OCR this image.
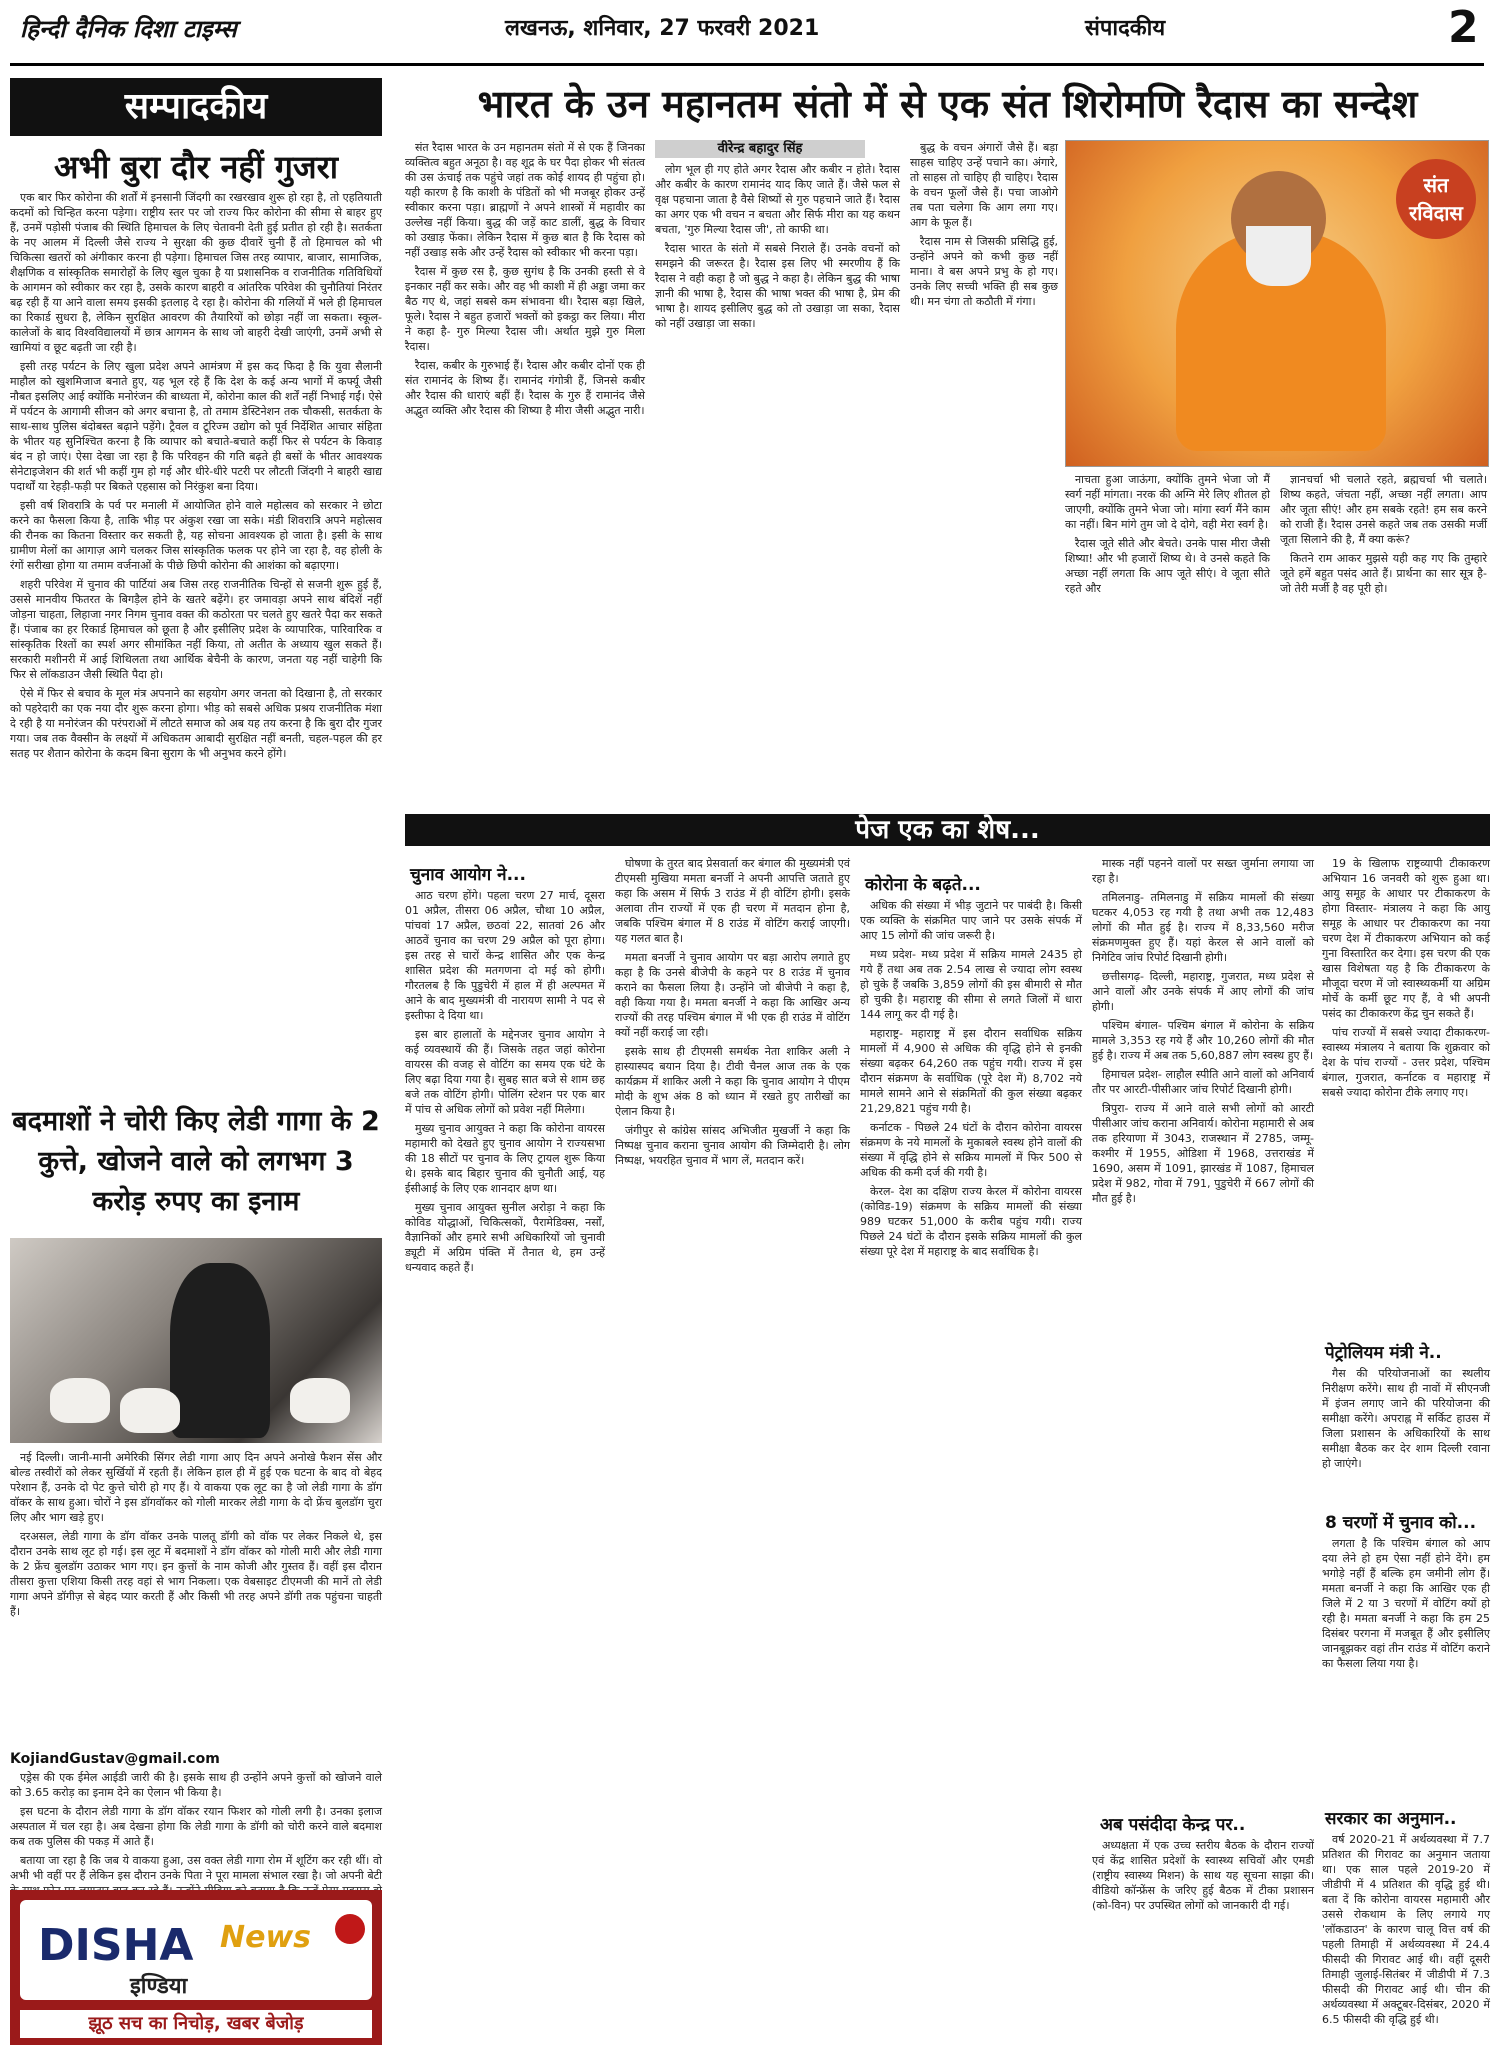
हिन्दी दैनिक दिशा टाइम्स	लखनऊ, शनिवार, 27 फरवरी 2021	संपादकीय	2
सम्पादकीय
अभी बुरा दौर नहीं गुजरा

एक बार फिर कोरोना की शर्तों में इनसानी जिंदगी का रखरखाव शुरू हो रहा है, तो एहतियाती कदमों को चिन्हित करना पड़ेगा। राष्ट्रीय स्तर पर जो राज्य फिर कोरोना की सीमा से बाहर हुए हैं, उनमें पड़ोसी पंजाब की स्थिति हिमाचल के लिए चेतावनी देती हुई प्रतीत हो रही है। सतर्कता के नए आलम में दिल्ली जैसे राज्य ने सुरक्षा की कुछ दीवारें चुनी हैं तो हिमाचल को भी चिकित्सा खतरों को अंगीकार करना ही पड़ेगा। हिमाचल जिस तरह व्यापार, बाजार, सामाजिक, शैक्षणिक व सांस्कृतिक समारोहों के लिए खुल चुका है या प्रशासनिक व राजनीतिक गतिविधियों के आगमन को स्वीकार कर रहा है, उसके कारण बाहरी व आंतरिक परिवेश की चुनौतियां निरंतर बढ़ रही हैं या आने वाला समय इसकी इतलाह दे रहा है। कोरोना की गलियों में भले ही हिमाचल का रिकार्ड सुधरा है, लेकिन सुरक्षित आवरण की तैयारियों को छोड़ा नहीं जा सकता। स्कूल-कालेजों के बाद विश्वविद्यालयों में छात्र आगमन के साथ जो बाहरी देखी जाएंगी, उनमें अभी से खामियां व छूट बढ़ती जा रही है।

इसी तरह पर्यटन के लिए खुला प्रदेश अपने आमंत्रण में इस कद फिदा है कि युवा सैलानी माहौल को खुशमिजाज बनाते हुए, यह भूल रहे हैं कि देश के कई अन्य भागों में कर्फ्यू जैसी नौबत इसलिए आई क्योंकि मनोरंजन की बाध्यता में, कोरोना काल की शर्तें नहीं निभाई गईं। ऐसे में पर्यटन के आगामी सीजन को अगर बचाना है, तो तमाम डेस्टिनेशन तक चौकसी, सतर्कता के साथ-साथ पुलिस बंदोबस्त बढ़ाने पड़ेंगे। ट्रैवल व टूरिज्म उद्योग को पूर्व निर्देशित आचार संहिता के भीतर यह सुनिश्चित करना है कि व्यापार को बचाते-बचाते कहीं फिर से पर्यटन के किवाड़ बंद न हो जाएं। ऐसा देखा जा रहा है कि परिवहन की गति बढ़ते ही बसों के भीतर आवश्यक सेनेटाइजेशन की शर्त भी कहीं गुम हो गई और धीरे-धीरे पटरी पर लौटती जिंदगी ने बाहरी खाद्य पदार्थों या रेहड़ी-फड़ी पर बिकते एहसास को निरंकुश बना दिया।

इसी वर्ष शिवरात्रि के पर्व पर मनाली में आयोजित होने वाले महोत्सव को सरकार ने छोटा करने का फैसला किया है, ताकि भीड़ पर अंकुश रखा जा सके। मंडी शिवरात्रि अपने महोत्सव की रौनक का कितना विस्तार कर सकती है, यह सोचना आवश्यक हो जाता है। इसी के साथ ग्रामीण मेलों का आगाज़ आगे चलकर जिस सांस्कृतिक फलक पर होने जा रहा है, वह होली के रंगों सरीखा होगा या तमाम वर्जनाओं के पीछे छिपी कोरोना की आशंका को बढ़ाएगा।

शहरी परिवेश में चुनाव की पार्टियां अब जिस तरह राजनीतिक चिन्हों से सजनी शुरू हुई हैं, उससे मानवीय फितरत के बिगड़ैल होने के खतरे बढ़ेंगे। हर जमावड़ा अपने साथ बंदिशें नहीं जोड़ना चाहता, लिहाजा नगर निगम चुनाव वक्त की कठोरता पर चलते हुए खतरे पैदा कर सकते हैं। पंजाब का हर रिकार्ड हिमाचल को छूता है और इसीलिए प्रदेश के व्यापारिक, पारिवारिक व सांस्कृतिक रिश्तों का स्पर्श अगर सीमांकित नहीं किया, तो अतीत के अध्याय खुल सकते हैं। सरकारी मशीनरी में आई शिथिलता तथा आर्थिक बेचैनी के कारण, जनता यह नहीं चाहेगी कि फिर से लॉकडाउन जैसी स्थिति पैदा हो।

ऐसे में फिर से बचाव के मूल मंत्र अपनाने का सहयोग अगर जनता को दिखाना है, तो सरकार को पहरेदारी का एक नया दौर शुरू करना होगा। भीड़ को सबसे अधिक प्रश्रय राजनीतिक मंशा दे रही है या मनोरंजन की परंपराओं में लौटते समाज को अब यह तय करना है कि बुरा दौर गुजर गया। जब तक वैक्सीन के लक्ष्यों में अधिकतम आबादी सुरक्षित नहीं बनती, चहल-पहल की हर सतह पर शैतान कोरोना के कदम बिना सुराग के भी अनुभव करने होंगे।

बदमाशों ने चोरी किए लेडी गागा के 2 कुत्ते, खोजने वाले को लगभग 3 करोड़ रुपए का इनाम

नई दिल्ली। जानी-मानी अमेरिकी सिंगर लेडी गागा आए दिन अपने अनोखे फैशन सेंस और बोल्ड तस्वीरों को लेकर सुर्खियों में रहती हैं। लेकिन हाल ही में हुई एक घटना के बाद वो बेहद परेशान हैं, उनके दो पेट कुत्ते चोरी हो गए हैं। ये वाकया एक लूट का है जो लेडी गागा के डॉग वॉकर के साथ हुआ। चोरों ने इस डॉगवॉकर को गोली मारकर लेडी गागा के दो फ्रेंच बुलडॉग चुरा लिए और भाग खड़े हुए।

दरअसल, लेडी गागा के डॉग वॉकर उनके पालतू डॉगी को वॉक पर लेकर निकले थे, इस दौरान उनके साथ लूट हो गई। इस लूट में बदमाशों ने डॉग वॉकर को गोली मारी और लेडी गागा के 2 फ्रेंच बुलडॉग उठाकर भाग गए। इन कुत्तों के नाम कोजी और गुस्तव हैं। वहीं इस दौरान तीसरा कुत्ता एशिया किसी तरह वहां से भाग निकला। एक वेबसाइट टीएमजी की मानें तो लेडी गागा अपने डॉगीज़ से बेहद प्यार करती हैं और किसी भी तरह अपने डॉगी तक पहुंचना चाहती हैं।

KojiandGustav@gmail.com

एड्रेस की एक ईमेल आईडी जारी की है। इसके साथ ही उन्होंने अपने कुत्तों को खोजने वाले को 3.65 करोड़ का इनाम देने का ऐलान भी किया है।

इस घटना के दौरान लेडी गागा के डॉग वॉकर रयान फिशर को गोली लगी है। उनका इलाज अस्पताल में चल रहा है। अब देखना होगा कि लेडी गागा के डॉगी को चोरी करने वाले बदमाश कब तक पुलिस की पकड़ में आते हैं।

बताया जा रहा है कि जब ये वाकया हुआ, उस वक्त लेडी गागा रोम में शूटिंग कर रही थीं। वो अभी भी वहीं पर हैं लेकिन इस दौरान उनके पिता ने पूरा मामला संभाल रखा है। जो अपनी बेटी

DISHA News
इण्डिया
झूठ सच का निचोड़, खबर बेजोड़
भारत के उन महानतम संतो में से एक संत शिरोमणि रैदास का सन्देश
वीरेन्द्र बहादुर सिंह

संत रैदास भारत के उन महानतम संतो में से एक हैं जिनका व्यक्तित्व बहुत अनूठा है। वह शूद्र के घर पैदा होकर भी संतत्व की उस ऊंचाई तक पहुंचे जहां तक कोई शायद ही पहुंचा हो। यही कारण है कि काशी के पंडितों को भी मजबूर होकर उन्हें स्वीकार करना पड़ा। ब्राह्मणों ने अपने शास्त्रों में महावीर का उल्लेख नहीं किया। बुद्ध की जड़ें काट डालीं, बुद्ध के विचार को उखाड़ फेंका। लेकिन रैदास में कुछ बात है कि रैदास को नहीं उखाड़ सके और उन्हें रैदास को स्वीकार भी करना पड़ा।

रैदास में कुछ रस है, कुछ सुगंध है कि उनकी हस्ती से वे इनकार नहीं कर सके। और वह भी काशी में ही अड्डा जमा कर बैठ गए थे, जहां सबसे कम संभावना थी। रैदास बड़ा खिले, फूले। रैदास ने बहुत हजारों भक्तों को इकट्ठा कर लिया। मीरा ने कहा है- गुरु मिल्या रैदास जी। अर्थात मुझे गुरु मिला रैदास।

रैदास, कबीर के गुरुभाई हैं। रैदास और कबीर दोनों एक ही संत रामानंद के शिष्य हैं। रामानंद गंगोत्री हैं, जिनसे कबीर और रैदास की धाराएं बहीं हैं। रैदास के गुरु हैं रामानंद जैसे अद्भुत व्यक्ति और रैदास की शिष्या है मीरा जैसी अद्भुत नारी।

लोग भूल ही गए होते अगर रैदास और कबीर न होते। रैदास और कबीर के कारण रामानंद याद किए जाते हैं। जैसे फल से वृक्ष पहचाना जाता है वैसे शिष्यों से गुरु पहचाने जाते हैं। रैदास का अगर एक भी वचन न बचता और सिर्फ मीरा का यह कथन बचता, 'गुरु मिल्या रैदास जी', तो काफी था।

रैदास भारत के संतो में सबसे निराले हैं। उनके वचनों को समझने की जरूरत है। रैदास इस लिए भी स्मरणीय हैं कि रैदास ने वही कहा है जो बुद्ध ने कहा है। लेकिन बुद्ध की भाषा ज्ञानी की भाषा है, रैदास की भाषा भक्त की भाषा है, प्रेम की भाषा है। शायद इसीलिए बुद्ध को तो उखाड़ा जा सका, रैदास को नहीं उखाड़ा जा सका।

बुद्ध के वचन अंगारों जैसे हैं। बड़ा साहस चाहिए उन्हें पचाने का। अंगारे, तो साहस तो चाहिए ही चाहिए। रैदास के वचन फूलों जैसे हैं। पचा जाओगे तब पता चलेगा कि आग लगा गए। आग के फूल हैं।

रैदास नाम से जिसकी प्रसिद्धि हुई, उन्होंने अपने को कभी कुछ नहीं माना। वे बस अपने प्रभु के हो गए। उनके लिए सच्ची भक्ति ही सब कुछ थी। मन चंगा तो कठौती में गंगा।

संत रविदास

नाचता हुआ जाऊंगा, क्योंकि तुमने भेजा जो मैं स्वर्ग नहीं मांगता। नरक की अग्नि मेरे लिए शीतल हो जाएगी, क्योंकि तुमने भेजा जो। मांगा स्वर्ग मैंने काम का नहीं। बिन मांगे तुम जो दे दोगे, वही मेरा स्वर्ग है।

रैदास जूते सीते और बेचते। उनके पास मीरा जैसी शिष्या! और भी हजारों शिष्य थे। वे उनसे कहते कि अच्छा नहीं लगता कि आप जूते सीएं। वे जूता सीते रहते और

ज्ञानचर्चा भी चलाते रहते, ब्रह्मचर्चा भी चलाते। शिष्य कहते, जंचता नहीं, अच्छा नहीं लगता। आप और जूता सीएं! और हम सबके रहते! हम सब करने को राजी हैं। रैदास उनसे कहते जब तक उसकी मर्जी जूता सिलाने की है, मैं क्या करूं?

कितने राम आकर मुझसे यही कह गए कि तुम्हारे जूते हमें बहुत पसंद आते हैं। प्रार्थना का सार सूत्र है- जो तेरी मर्जी है वह पूरी हो।

पेज एक का शेष...
चुनाव आयोग ने...

आठ चरण होंगे। पहला चरण 27 मार्च, दूसरा 01 अप्रैल, तीसरा 06 अप्रैल, चौथा 10 अप्रैल, पांचवां 17 अप्रैल, छठवां 22, सातवां 26 और आठवें चुनाव का चरण 29 अप्रैल को पूरा होगा। इस तरह से चारों केन्द्र शासित और एक केन्द्र शासित प्रदेश की मतगणना दो मई को होगी। गौरतलब है कि पुडुचेरी में हाल में ही अल्पमत में आने के बाद मुख्यमंत्री वी नारायण सामी ने पद से इस्तीफा दे दिया था।

इस बार हालातों के मद्देनजर चुनाव आयोग ने कई व्यवस्थायें की हैं। जिसके तहत जहां कोरोना वायरस की वजह से वोटिंग का समय एक घंटे के लिए बढ़ा दिया गया है। सुबह सात बजे से शाम छह बजे तक वोटिंग होगी। पोलिंग स्टेशन पर एक बार में पांच से अधिक लोगों को प्रवेश नहीं मिलेगा।

मुख्य चुनाव आयुक्त ने कहा कि कोरोना वायरस महामारी को देखते हुए चुनाव आयोग ने राज्यसभा की 18 सीटों पर चुनाव के लिए ट्रायल शुरू किया थे। इसके बाद बिहार चुनाव की चुनौती आई, यह ईसीआई के लिए एक शानदार क्षण था।

मुख्य चुनाव आयुक्त सुनील अरोड़ा ने कहा कि कोविड योद्धाओं, चिकित्सकों, पैरामेडिक्स, नर्सों, वैज्ञानिकों और हमारे सभी अधिकारियों जो चुनावी ड्यूटी में अग्रिम पंक्ति में तैनात थे, हम उन्हें धन्यवाद कहते हैं।

घोषणा के तुरत बाद प्रेसवार्ता कर बंगाल की मुख्यमंत्री एवं टीएमसी मुखिया ममता बनर्जी ने अपनी आपत्ति जताते हुए कहा कि असम में सिर्फ 3 राउंड में ही वोटिंग होगी। इसके अलावा तीन राज्यों में एक ही चरण में मतदान होना है, जबकि पश्चिम बंगाल में 8 राउंड में वोटिंग कराई जाएगी। यह गलत बात है।

ममता बनर्जी ने चुनाव आयोग पर बड़ा आरोप लगाते हुए कहा है कि उनसे बीजेपी के कहने पर 8 राउंड में चुनाव कराने का फैसला लिया है। उन्होंने जो बीजेपी ने कहा है, वही किया गया है। ममता बनर्जी ने कहा कि आखिर अन्य राज्यों की तरह पश्चिम बंगाल में भी एक ही राउंड में वोटिंग क्यों नहीं कराई जा रही।

इसके साथ ही टीएमसी समर्थक नेता शाकिर अली ने हास्यास्पद बयान दिया है। टीवी चैनल आज तक के एक कार्यक्रम में शाकिर अली ने कहा कि चुनाव आयोग ने पीएम मोदी के शुभ अंक 8 को ध्यान में रखते हुए तारीखों का ऐलान किया है।

जंगीपुर से कांग्रेस सांसद अभिजीत मुखर्जी ने कहा कि निष्पक्ष चुनाव कराना चुनाव आयोग की जिम्मेदारी है। लोग निष्पक्ष, भयरहित चुनाव में भाग लें, मतदान करें।

कोरोना के बढ़ते...

अधिक की संख्या में भीड़ जुटाने पर पाबंदी है। किसी एक व्यक्ति के संक्रमित पाए जाने पर उसके संपर्क में आए 15 लोगों की जांच जरूरी है।

मध्य प्रदेश- मध्य प्रदेश में सक्रिय मामले 2435 हो गये हैं तथा अब तक 2.54 लाख से ज्यादा लोग स्वस्थ हो चुके हैं जबकि 3,859 लोगों की इस बीमारी से मौत हो चुकी है। महाराष्ट्र की सीमा से लगते जिलों में धारा 144 लागू कर दी गई है।

महाराष्ट्र- महाराष्ट्र में इस दौरान सर्वाधिक सक्रिय मामलों में 4,900 से अधिक की वृद्धि होने से इनकी संख्या बढ़कर 64,260 तक पहुंच गयी। राज्य में इस दौरान संक्रमण के सर्वाधिक (पूरे देश में) 8,702 नये मामले सामने आने से संक्रमितों की कुल संख्या बढ़कर 21,29,821 पहुंच गयी है।

कर्नाटक - पिछले 24 घंटों के दौरान कोरोना वायरस संक्रमण के नये मामलों के मुकाबले स्वस्थ होने वालों की संख्या में वृद्धि होने से सक्रिय मामलों में फिर 500 से अधिक की कमी दर्ज की गयी है।

केरल- देश का दक्षिण राज्य केरल में कोरोना वायरस (कोविड-19) संक्रमण के सक्रिय मामलों की संख्या 989 घटकर 51,000 के करीब पहुंच गयी। राज्य पिछले 24 घंटों के दौरान इसके सक्रिय मामलों की कुल संख्या पूरे देश में महाराष्ट्र के बाद सर्वाधिक है।

मास्क नहीं पहनने वालों पर सख्त जुर्माना लगाया जा रहा है।

तमिलनाडु- तमिलनाडु में सक्रिय मामलों की संख्या घटकर 4,053 रह गयी है तथा अभी तक 12,483 लोगों की मौत हुई है। राज्य में 8,33,560 मरीज संक्रमणमुक्त हुए हैं। यहां केरल से आने वालों को निगेटिव जांच रिपोर्ट दिखानी होगी।

छत्तीसगढ़- दिल्ली, महाराष्ट्र, गुजरात, मध्य प्रदेश से आने वालों और उनके संपर्क में आए लोगों की जांच होगी।

पश्चिम बंगाल- पश्चिम बंगाल में कोरोना के सक्रिय मामले 3,353 रह गये हैं और 10,260 लोगों की मौत हुई है। राज्य में अब तक 5,60,887 लोग स्वस्थ हुए हैं।

हिमाचल प्रदेश- लाहौल स्पीति आने वालों को अनिवार्य तौर पर आरटी-पीसीआर जांच रिपोर्ट दिखानी होगी।

त्रिपुरा- राज्य में आने वाले सभी लोगों को आरटी पीसीआर जांच कराना अनिवार्य। कोरोना महामारी से अब तक हरियाणा में 3043, राजस्थान में 2785, जम्मू-कश्मीर में 1955, ओडिशा में 1968, उत्तराखंड में 1690, असम में 1091, झारखंड में 1087, हिमाचल प्रदेश में 982, गोवा में 791, पुडुचेरी में 667 लोगों की मौत हुई है।

अब पसंदीदा केन्द्र पर..

अध्यक्षता में एक उच्च स्तरीय बैठक के दौरान राज्यों एवं केंद्र शासित प्रदेशों के स्वास्थ्य सचिवों और एमडी (राष्ट्रीय स्वास्थ्य मिशन) के साथ यह सूचना साझा की। वीडियो कॉन्फ्रेंस के जरिए हुई बैठक में टीका प्रशासन (को-विन) पर उपस्थित लोगों को जानकारी दी गई।

19 के खिलाफ राष्ट्रव्यापी टीकाकरण अभियान 16 जनवरी को शुरू हुआ था। आयु समूह के आधार पर टीकाकरण के होगा विस्तार- मंत्रालय ने कहा कि आयु समूह के आधार पर टीकाकरण का नया चरण देश में टीकाकरण अभियान को कई गुना विस्तारित कर देगा। इस चरण की एक खास विशेषता यह है कि टीकाकरण के मौजूदा चरण में जो स्वास्थ्यकर्मी या अग्रिम मोर्चे के कर्मी छूट गए हैं, वे भी अपनी पसंद का टीकाकरण केंद्र चुन सकते हैं।

पांच राज्यों में सबसे ज्यादा टीकाकरण- स्वास्थ्य मंत्रालय ने बताया कि शुक्रवार को देश के पांच राज्यों - उत्तर प्रदेश, पश्चिम बंगाल, गुजरात, कर्नाटक व महाराष्ट्र में सबसे ज्यादा कोरोना टीके लगाए गए।

पेट्रोलियम मंत्री ने..

गैस की परियोजनाओं का स्थलीय निरीक्षण करेंगे। साथ ही नावों में सीएनजी में इंजन लगाए जाने की परियोजना की समीक्षा करेंगे। अपराह्न में सर्किट हाउस में जिला प्रशासन के अधिकारियों के साथ समीक्षा बैठक कर देर शाम दिल्ली रवाना हो जाएंगे।

8 चरणों में चुनाव को...

लगता है कि पश्चिम बंगाल को आप दया लेने हो हम ऐसा नहीं होने देंगे। हम भगोड़े नहीं हैं बल्कि हम जमीनी लोग हैं। ममता बनर्जी ने कहा कि आखिर एक ही जिले में 2 या 3 चरणों में वोटिंग क्यों हो रही है। ममता बनर्जी ने कहा कि हम 25 दिसंबर परगना में मजबूत हैं और इसीलिए जानबूझकर वहां तीन राउंड में वोटिंग कराने का फैसला लिया गया है।

सरकार का अनुमान..

वर्ष 2020-21 में अर्थव्यवस्था में 7.7 प्रतिशत की गिरावट का अनुमान जताया था। एक साल पहले 2019-20 में जीडीपी में 4 प्रतिशत की वृद्धि हुई थी। बता दें कि कोरोना वायरस महामारी और उससे रोकथाम के लिए लगाये गए 'लॉकडाउन' के कारण चालू वित्त वर्ष की पहली तिमाही में अर्थव्यवस्था में 24.4 फीसदी की गिरावट आई थी। वहीं दूसरी तिमाही जुलाई-सितंबर में जीडीपी में 7.3 फीसदी की गिरावट आई थी। चीन की अर्थव्यवस्था में अक्टूबर-दिसंबर, 2020 में 6.5 फीसदी की वृद्धि हुई थी।
